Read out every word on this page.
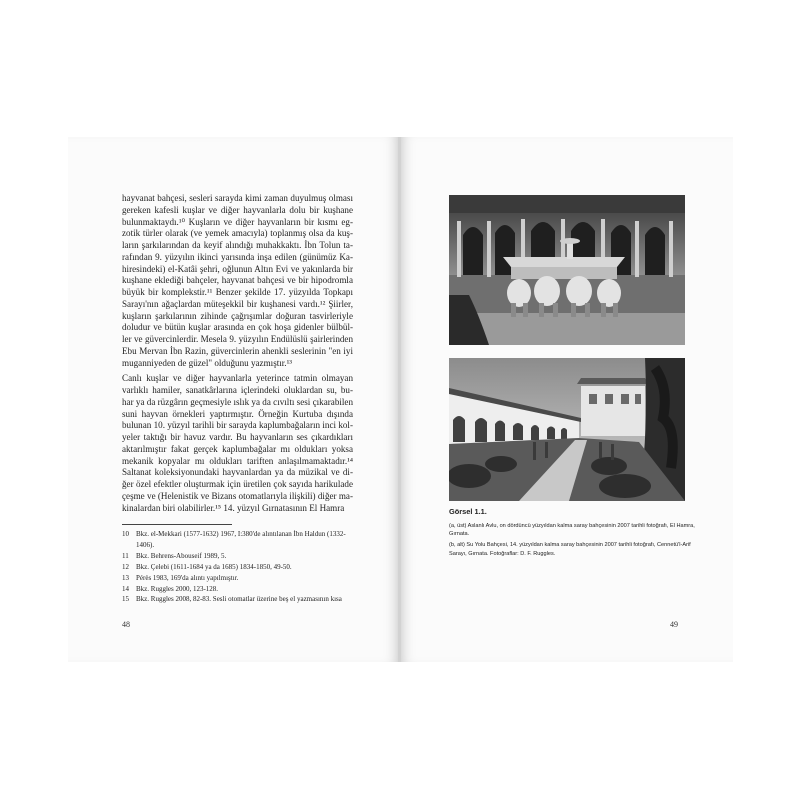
hayvanat bahçesi, sesleri sarayda kimi zaman duyulmuş olması
gereken kafesli kuşlar ve diğer hayvanlarla dolu bir kuşhane
bulunmaktaydı.¹⁰ Kuşların ve diğer hayvanların bir kısmı eg-
zotik türler olarak (ve yemek amacıyla) toplanmış olsa da kuş-
ların şarkılarından da keyif alındığı muhakkaktı. İbn Tolun ta-
rafından 9. yüzyılın ikinci yarısında inşa edilen (günümüz Ka-
hiresindeki) el-Katâi şehri, oğlunun Altın Evi ve yakınlarda bir
kuşhane eklediği bahçeler, hayvanat bahçesi ve bir hipodromla
büyük bir komplekstir.¹¹ Benzer şekilde 17. yüzyılda Topkapı
Sarayı'nın ağaçlardan müteşekkil bir kuşhanesi vardı.¹² Şiirler,
kuşların şarkılarının zihinde çağrışımlar doğuran tasvirleriyle
doludur ve bütün kuşlar arasında en çok hoşa gidenler bülbül-
ler ve güvercinlerdir. Mesela 9. yüzyılın Endülüslü şairlerinden
Ebu Mervan İbn Razin, güvercinlerin ahenkli seslerinin "en iyi
muganniyeden de güzel" olduğunu yazmıştır.¹³

Canlı kuşlar ve diğer hayvanlarla yeterince tatmin olmayan
varlıklı hamiler, sanatkârlarına içlerindeki oluklardan su, bu-
har ya da rüzgârın geçmesiyle ıslık ya da cıvıltı sesi çıkarabilen
suni hayvan örnekleri yaptırmıştır. Örneğin Kurtuba dışında
bulunan 10. yüzyıl tarihli bir sarayda kaplumbağaların inci kol-
yeler taktığı bir havuz vardır. Bu hayvanların ses çıkardıkları
aktarılmıştır fakat gerçek kaplumbağalar mı oldukları yoksa
mekanik kopyalar mı oldukları tariften anlaşılmamaktadır.¹⁴
Saltanat koleksiyonundaki hayvanlardan ya da müzikal ve di-
ğer özel efektler oluşturmak için üretilen çok sayıda harikulade
çeşme ve (Helenistik ve Bizans otomatlarıyla ilişkili) diğer ma-
kinalardan biri olabilirler.¹⁵ 14. yüzyıl Gırnatasının El Hamra

10	Bkz. el-Mekkari (1577-1632) 1967, I:380'de alıntılanan İbn Haldun (1332-
1406).
11	Bkz. Behrens-Abouseif 1989, 5.
12	Bkz. Çelebi (1611-1684 ya da 1685) 1834-1850, 49-50.
13	Pérès 1983, 169'da alıntı yapılmıştır.
14	Bkz. Ruggles 2000, 123-128.
15	Bkz. Ruggles 2008, 82-83. Sesli otomatlar üzerine beş el yazmasının kısa
48
Görsel 1.1.
(a, üst) Aslanlı Avlu, on dördüncü yüzyıldan kalma saray bahçesinin 2007 tarihli fotoğrafı, El Hamra,
Gırnata.
(b, alt) Su Yolu Bahçesi, 14. yüzyıldan kalma saray bahçesinin 2007 tarihli fotoğrafı, Cennetü'l-Arif
Sarayı, Gırnata. Fotoğraflar: D. F. Ruggles.
49
